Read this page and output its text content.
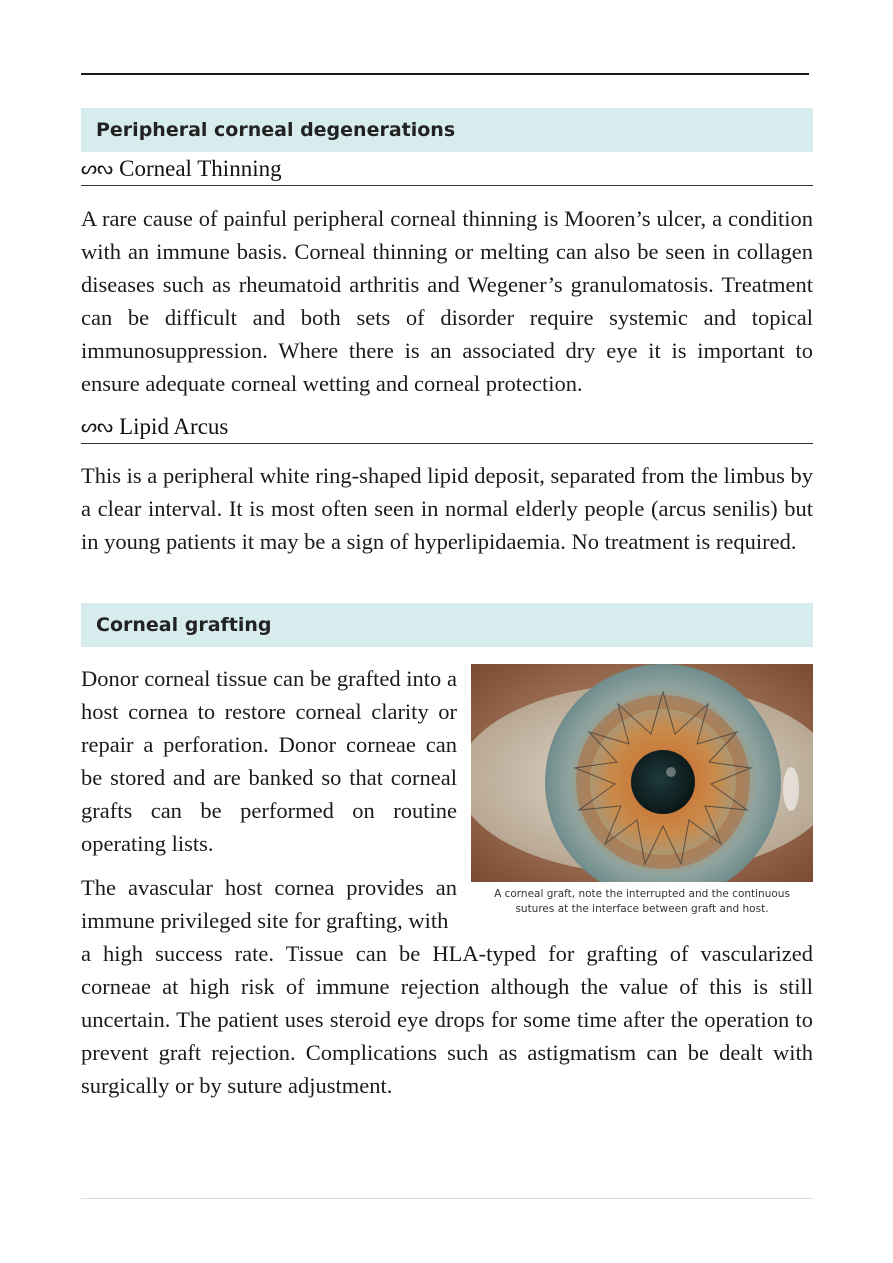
Peripheral corneal degenerations
ᔕᔓ Corneal Thinning

A rare cause of painful peripheral corneal thinning is Mooren’s ulcer, a condition with an immune basis. Corneal thinning or melting can also be seen in collagen diseases such as rheumatoid arthritis and Wegener’s granulomatosis. Treatment can be difficult and both sets of disorder require systemic and topical immunosuppression. Where there is an associated dry eye it is important to ensure adequate corneal wetting and corneal protection.

ᔕᔓ Lipid Arcus

This is a peripheral white ring-shaped lipid deposit, separated from the limbus by a clear interval. It is most often seen in normal elderly people (arcus senilis) but in young patients it may be a sign of hyperlipidaemia. No treatment is required.

Corneal grafting

Donor corneal tissue can be grafted into a host cornea to restore corneal clarity or repair a perforation. Donor corneae can be stored and are banked so that corneal grafts can be performed on routine operating lists.

The avascular host cornea provides an immune privileged site for grafting, with

a high success rate. Tissue can be HLA-typed for grafting of vascularized corneae at high risk of immune rejection although the value of this is still uncertain. The patient uses steroid eye drops for some time after the operation to prevent graft rejection. Complications such as astigmatism can be dealt with surgically or by suture adjustment.

A corneal graft, note the interrupted and the continuous
sutures at the interface between graft and host.
